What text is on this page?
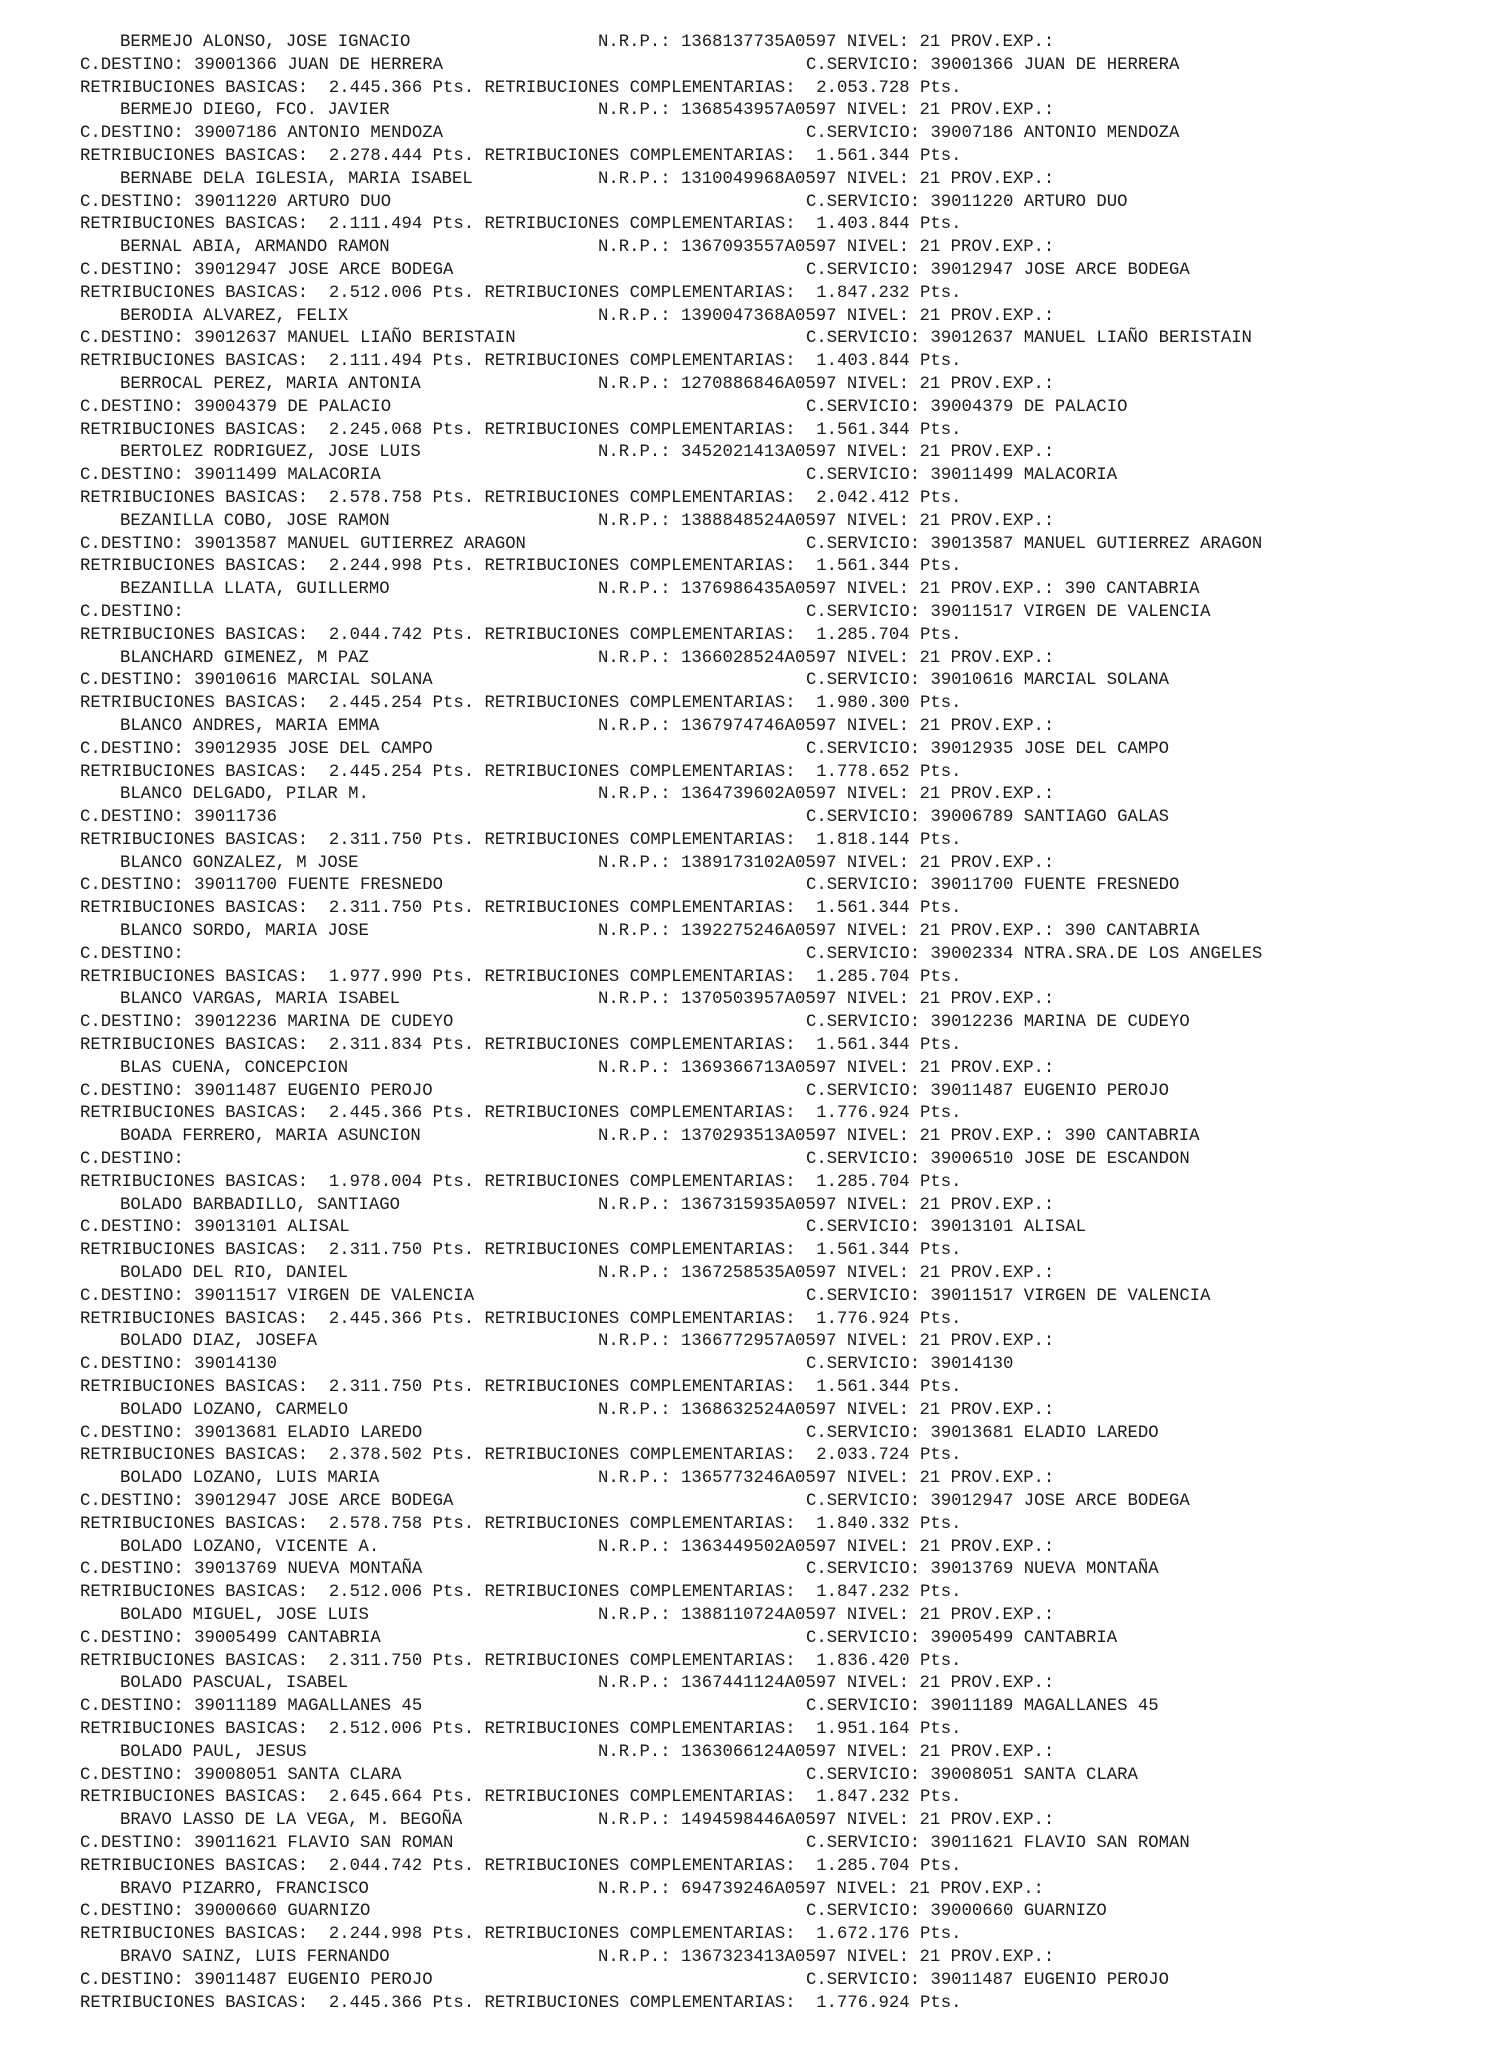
BERMEJO ALONSO, JOSE IGNACIO	N.R.P.: 1368137735A0597 NIVEL: 21 PROV.EXP.:
C.DESTINO: 39001366 JUAN DE HERRERA	C.SERVICIO: 39001366 JUAN DE HERRERA
RETRIBUCIONES BASICAS:  2.445.366 Pts. RETRIBUCIONES COMPLEMENTARIAS:  2.053.728 Pts.
BERMEJO DIEGO, FCO. JAVIER	N.R.P.: 1368543957A0597 NIVEL: 21 PROV.EXP.:
C.DESTINO: 39007186 ANTONIO MENDOZA	C.SERVICIO: 39007186 ANTONIO MENDOZA
RETRIBUCIONES BASICAS:  2.278.444 Pts. RETRIBUCIONES COMPLEMENTARIAS:  1.561.344 Pts.
BERNABE DELA IGLESIA, MARIA ISABEL	N.R.P.: 1310049968A0597 NIVEL: 21 PROV.EXP.:
C.DESTINO: 39011220 ARTURO DUO	C.SERVICIO: 39011220 ARTURO DUO
RETRIBUCIONES BASICAS:  2.111.494 Pts. RETRIBUCIONES COMPLEMENTARIAS:  1.403.844 Pts.
BERNAL ABIA, ARMANDO RAMON	N.R.P.: 1367093557A0597 NIVEL: 21 PROV.EXP.:
C.DESTINO: 39012947 JOSE ARCE BODEGA	C.SERVICIO: 39012947 JOSE ARCE BODEGA
RETRIBUCIONES BASICAS:  2.512.006 Pts. RETRIBUCIONES COMPLEMENTARIAS:  1.847.232 Pts.
BERODIA ALVAREZ, FELIX	N.R.P.: 1390047368A0597 NIVEL: 21 PROV.EXP.:
C.DESTINO: 39012637 MANUEL LIAÑO BERISTAIN	C.SERVICIO: 39012637 MANUEL LIAÑO BERISTAIN
RETRIBUCIONES BASICAS:  2.111.494 Pts. RETRIBUCIONES COMPLEMENTARIAS:  1.403.844 Pts.
BERROCAL PEREZ, MARIA ANTONIA	N.R.P.: 1270886846A0597 NIVEL: 21 PROV.EXP.:
C.DESTINO: 39004379 DE PALACIO	C.SERVICIO: 39004379 DE PALACIO
RETRIBUCIONES BASICAS:  2.245.068 Pts. RETRIBUCIONES COMPLEMENTARIAS:  1.561.344 Pts.
BERTOLEZ RODRIGUEZ, JOSE LUIS	N.R.P.: 3452021413A0597 NIVEL: 21 PROV.EXP.:
C.DESTINO: 39011499 MALACORIA	C.SERVICIO: 39011499 MALACORIA
RETRIBUCIONES BASICAS:  2.578.758 Pts. RETRIBUCIONES COMPLEMENTARIAS:  2.042.412 Pts.
BEZANILLA COBO, JOSE RAMON	N.R.P.: 1388848524A0597 NIVEL: 21 PROV.EXP.:
C.DESTINO: 39013587 MANUEL GUTIERREZ ARAGON	C.SERVICIO: 39013587 MANUEL GUTIERREZ ARAGON
RETRIBUCIONES BASICAS:  2.244.998 Pts. RETRIBUCIONES COMPLEMENTARIAS:  1.561.344 Pts.
BEZANILLA LLATA, GUILLERMO	N.R.P.: 1376986435A0597 NIVEL: 21 PROV.EXP.: 390 CANTABRIA
C.DESTINO:	C.SERVICIO: 39011517 VIRGEN DE VALENCIA
RETRIBUCIONES BASICAS:  2.044.742 Pts. RETRIBUCIONES COMPLEMENTARIAS:  1.285.704 Pts.
BLANCHARD GIMENEZ, M PAZ	N.R.P.: 1366028524A0597 NIVEL: 21 PROV.EXP.:
C.DESTINO: 39010616 MARCIAL SOLANA	C.SERVICIO: 39010616 MARCIAL SOLANA
RETRIBUCIONES BASICAS:  2.445.254 Pts. RETRIBUCIONES COMPLEMENTARIAS:  1.980.300 Pts.
BLANCO ANDRES, MARIA EMMA	N.R.P.: 1367974746A0597 NIVEL: 21 PROV.EXP.:
C.DESTINO: 39012935 JOSE DEL CAMPO	C.SERVICIO: 39012935 JOSE DEL CAMPO
RETRIBUCIONES BASICAS:  2.445.254 Pts. RETRIBUCIONES COMPLEMENTARIAS:  1.778.652 Pts.
BLANCO DELGADO, PILAR M.	N.R.P.: 1364739602A0597 NIVEL: 21 PROV.EXP.:
C.DESTINO: 39011736	C.SERVICIO: 39006789 SANTIAGO GALAS
RETRIBUCIONES BASICAS:  2.311.750 Pts. RETRIBUCIONES COMPLEMENTARIAS:  1.818.144 Pts.
BLANCO GONZALEZ, M JOSE	N.R.P.: 1389173102A0597 NIVEL: 21 PROV.EXP.:
C.DESTINO: 39011700 FUENTE FRESNEDO	C.SERVICIO: 39011700 FUENTE FRESNEDO
RETRIBUCIONES BASICAS:  2.311.750 Pts. RETRIBUCIONES COMPLEMENTARIAS:  1.561.344 Pts.
BLANCO SORDO, MARIA JOSE	N.R.P.: 1392275246A0597 NIVEL: 21 PROV.EXP.: 390 CANTABRIA
C.DESTINO:	C.SERVICIO: 39002334 NTRA.SRA.DE LOS ANGELES
RETRIBUCIONES BASICAS:  1.977.990 Pts. RETRIBUCIONES COMPLEMENTARIAS:  1.285.704 Pts.
BLANCO VARGAS, MARIA ISABEL	N.R.P.: 1370503957A0597 NIVEL: 21 PROV.EXP.:
C.DESTINO: 39012236 MARINA DE CUDEYO	C.SERVICIO: 39012236 MARINA DE CUDEYO
RETRIBUCIONES BASICAS:  2.311.834 Pts. RETRIBUCIONES COMPLEMENTARIAS:  1.561.344 Pts.
BLAS CUENA, CONCEPCION	N.R.P.: 1369366713A0597 NIVEL: 21 PROV.EXP.:
C.DESTINO: 39011487 EUGENIO PEROJO	C.SERVICIO: 39011487 EUGENIO PEROJO
RETRIBUCIONES BASICAS:  2.445.366 Pts. RETRIBUCIONES COMPLEMENTARIAS:  1.776.924 Pts.
BOADA FERRERO, MARIA ASUNCION	N.R.P.: 1370293513A0597 NIVEL: 21 PROV.EXP.: 390 CANTABRIA
C.DESTINO:	C.SERVICIO: 39006510 JOSE DE ESCANDON
RETRIBUCIONES BASICAS:  1.978.004 Pts. RETRIBUCIONES COMPLEMENTARIAS:  1.285.704 Pts.
BOLADO BARBADILLO, SANTIAGO	N.R.P.: 1367315935A0597 NIVEL: 21 PROV.EXP.:
C.DESTINO: 39013101 ALISAL	C.SERVICIO: 39013101 ALISAL
RETRIBUCIONES BASICAS:  2.311.750 Pts. RETRIBUCIONES COMPLEMENTARIAS:  1.561.344 Pts.
BOLADO DEL RIO, DANIEL	N.R.P.: 1367258535A0597 NIVEL: 21 PROV.EXP.:
C.DESTINO: 39011517 VIRGEN DE VALENCIA	C.SERVICIO: 39011517 VIRGEN DE VALENCIA
RETRIBUCIONES BASICAS:  2.445.366 Pts. RETRIBUCIONES COMPLEMENTARIAS:  1.776.924 Pts.
BOLADO DIAZ, JOSEFA	N.R.P.: 1366772957A0597 NIVEL: 21 PROV.EXP.:
C.DESTINO: 39014130	C.SERVICIO: 39014130
RETRIBUCIONES BASICAS:  2.311.750 Pts. RETRIBUCIONES COMPLEMENTARIAS:  1.561.344 Pts.
BOLADO LOZANO, CARMELO	N.R.P.: 1368632524A0597 NIVEL: 21 PROV.EXP.:
C.DESTINO: 39013681 ELADIO LAREDO	C.SERVICIO: 39013681 ELADIO LAREDO
RETRIBUCIONES BASICAS:  2.378.502 Pts. RETRIBUCIONES COMPLEMENTARIAS:  2.033.724 Pts.
BOLADO LOZANO, LUIS MARIA	N.R.P.: 1365773246A0597 NIVEL: 21 PROV.EXP.:
C.DESTINO: 39012947 JOSE ARCE BODEGA	C.SERVICIO: 39012947 JOSE ARCE BODEGA
RETRIBUCIONES BASICAS:  2.578.758 Pts. RETRIBUCIONES COMPLEMENTARIAS:  1.840.332 Pts.
BOLADO LOZANO, VICENTE A.	N.R.P.: 1363449502A0597 NIVEL: 21 PROV.EXP.:
C.DESTINO: 39013769 NUEVA MONTAÑA	C.SERVICIO: 39013769 NUEVA MONTAÑA
RETRIBUCIONES BASICAS:  2.512.006 Pts. RETRIBUCIONES COMPLEMENTARIAS:  1.847.232 Pts.
BOLADO MIGUEL, JOSE LUIS	N.R.P.: 1388110724A0597 NIVEL: 21 PROV.EXP.:
C.DESTINO: 39005499 CANTABRIA	C.SERVICIO: 39005499 CANTABRIA
RETRIBUCIONES BASICAS:  2.311.750 Pts. RETRIBUCIONES COMPLEMENTARIAS:  1.836.420 Pts.
BOLADO PASCUAL, ISABEL	N.R.P.: 1367441124A0597 NIVEL: 21 PROV.EXP.:
C.DESTINO: 39011189 MAGALLANES 45	C.SERVICIO: 39011189 MAGALLANES 45
RETRIBUCIONES BASICAS:  2.512.006 Pts. RETRIBUCIONES COMPLEMENTARIAS:  1.951.164 Pts.
BOLADO PAUL, JESUS	N.R.P.: 1363066124A0597 NIVEL: 21 PROV.EXP.:
C.DESTINO: 39008051 SANTA CLARA	C.SERVICIO: 39008051 SANTA CLARA
RETRIBUCIONES BASICAS:  2.645.664 Pts. RETRIBUCIONES COMPLEMENTARIAS:  1.847.232 Pts.
BRAVO LASSO DE LA VEGA, M. BEGOÑA	N.R.P.: 1494598446A0597 NIVEL: 21 PROV.EXP.:
C.DESTINO: 39011621 FLAVIO SAN ROMAN	C.SERVICIO: 39011621 FLAVIO SAN ROMAN
RETRIBUCIONES BASICAS:  2.044.742 Pts. RETRIBUCIONES COMPLEMENTARIAS:  1.285.704 Pts.
BRAVO PIZARRO, FRANCISCO	N.R.P.: 694739246A0597 NIVEL: 21 PROV.EXP.:
C.DESTINO: 39000660 GUARNIZO	C.SERVICIO: 39000660 GUARNIZO
RETRIBUCIONES BASICAS:  2.244.998 Pts. RETRIBUCIONES COMPLEMENTARIAS:  1.672.176 Pts.
BRAVO SAINZ, LUIS FERNANDO	N.R.P.: 1367323413A0597 NIVEL: 21 PROV.EXP.:
C.DESTINO: 39011487 EUGENIO PEROJO	C.SERVICIO: 39011487 EUGENIO PEROJO
RETRIBUCIONES BASICAS:  2.445.366 Pts. RETRIBUCIONES COMPLEMENTARIAS:  1.776.924 Pts.
